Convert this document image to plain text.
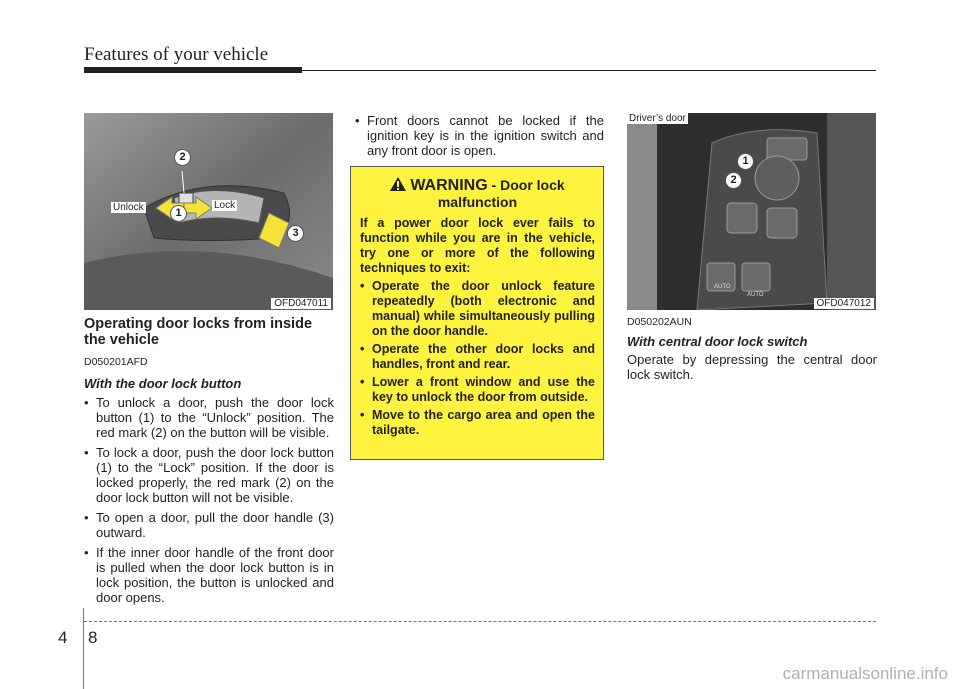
Features of your vehicle
2
1
3
Unlock	Lock
OFD047011
Operating door locks from inside the vehicle

D050201AFD

With the door lock button

• To unlock a door, push the door lock button (1) to the “Unlock” position. The red mark (2) on the button will be visible.
• To lock a door, push the door lock button (1) to the “Lock” position. If the door is locked properly, the red mark (2) on the door lock button will not be visible.
• To open a door, pull the door handle (3) outward.
• If the inner door handle of the front door is pulled when the door lock button is in lock position, the button is unlocked and door opens.
• Front doors cannot be locked if the ignition key is in the ignition switch and any front door is open.
WARNING - Door lock malfunction

If a power door lock ever fails to function while you are in the vehicle, try one or more of the following techniques to exit:

• Operate the door unlock feature repeatedly (both electronic and manual) while simultaneously pulling on the door handle.
• Operate the other door locks and handles, front and rear.
• Lower a front window and use the key to unlock the door from outside.
• Move to the cargo area and open the tailgate.
Driver’s door
1
2
AUTO
AUTO
OFD047012

D050202AUN

With central door lock switch

Operate by depressing the central door lock switch.

4 8
carmanualsonline.info
